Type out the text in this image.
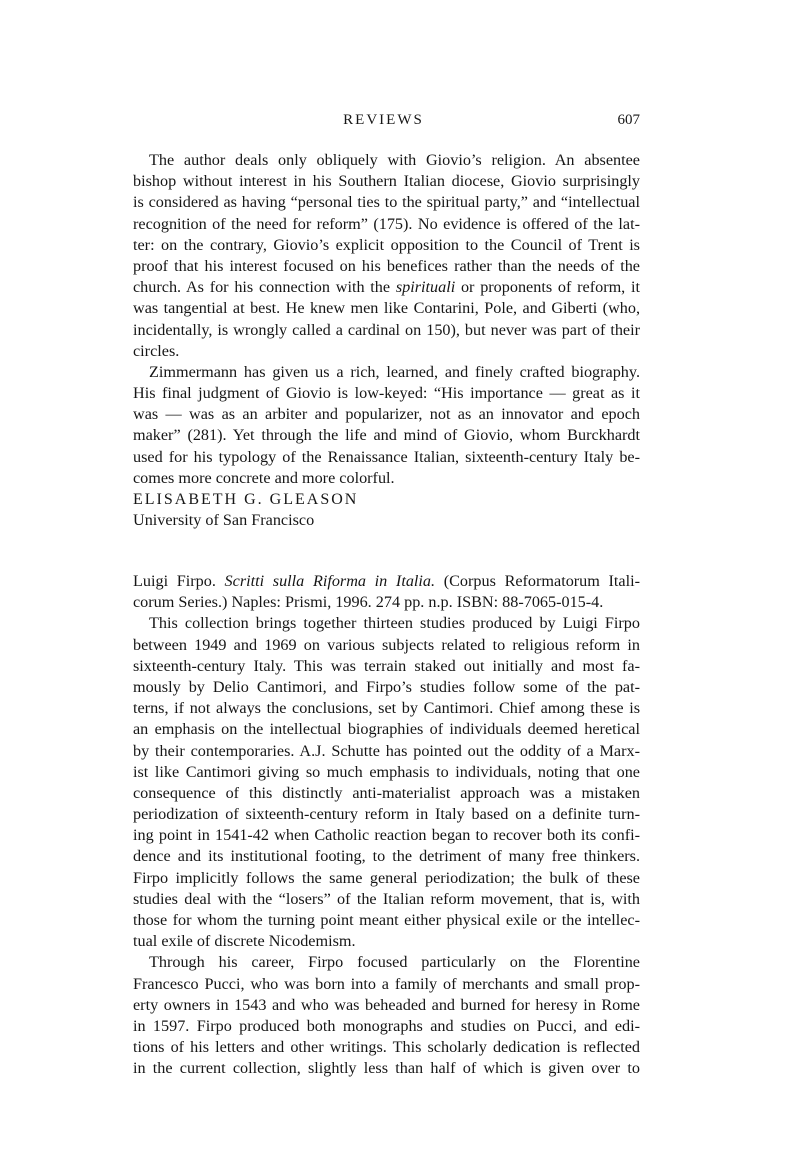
REVIEWS	607
The author deals only obliquely with Giovio’s religion. An absentee
bishop without interest in his Southern Italian diocese, Giovio surprisingly
is considered as having “personal ties to the spiritual party,” and “intellectual
recognition of the need for reform” (175). No evidence is offered of the lat-
ter: on the contrary, Giovio’s explicit opposition to the Council of Trent is
proof that his interest focused on his benefices rather than the needs of the
church. As for his connection with the spirituali or proponents of reform, it
was tangential at best. He knew men like Contarini, Pole, and Giberti (who,
incidentally, is wrongly called a cardinal on 150), but never was part of their
circles.
Zimmermann has given us a rich, learned, and finely crafted biography.
His final judgment of Giovio is low-keyed: “His importance — great as it
was — was as an arbiter and popularizer, not as an innovator and epoch
maker” (281). Yet through the life and mind of Giovio, whom Burckhardt
used for his typology of the Renaissance Italian, sixteenth-century Italy be-
comes more concrete and more colorful.
ELISABETH G. GLEASON
University of San Francisco
Luigi Firpo. Scritti sulla Riforma in Italia. (Corpus Reformatorum Itali-
corum Series.) Naples: Prismi, 1996. 274 pp. n.p. ISBN: 88-7065-015-4.
This collection brings together thirteen studies produced by Luigi Firpo
between 1949 and 1969 on various subjects related to religious reform in
sixteenth-century Italy. This was terrain staked out initially and most fa-
mously by Delio Cantimori, and Firpo’s studies follow some of the pat-
terns, if not always the conclusions, set by Cantimori. Chief among these is
an emphasis on the intellectual biographies of individuals deemed heretical
by their contemporaries. A.J. Schutte has pointed out the oddity of a Marx-
ist like Cantimori giving so much emphasis to individuals, noting that one
consequence of this distinctly anti-materialist approach was a mistaken
periodization of sixteenth-century reform in Italy based on a definite turn-
ing point in 1541-42 when Catholic reaction began to recover both its confi-
dence and its institutional footing, to the detriment of many free thinkers.
Firpo implicitly follows the same general periodization; the bulk of these
studies deal with the “losers” of the Italian reform movement, that is, with
those for whom the turning point meant either physical exile or the intellec-
tual exile of discrete Nicodemism.
Through his career, Firpo focused particularly on the Florentine
Francesco Pucci, who was born into a family of merchants and small prop-
erty owners in 1543 and who was beheaded and burned for heresy in Rome
in 1597. Firpo produced both monographs and studies on Pucci, and edi-
tions of his letters and other writings. This scholarly dedication is reflected
in the current collection, slightly less than half of which is given over to
